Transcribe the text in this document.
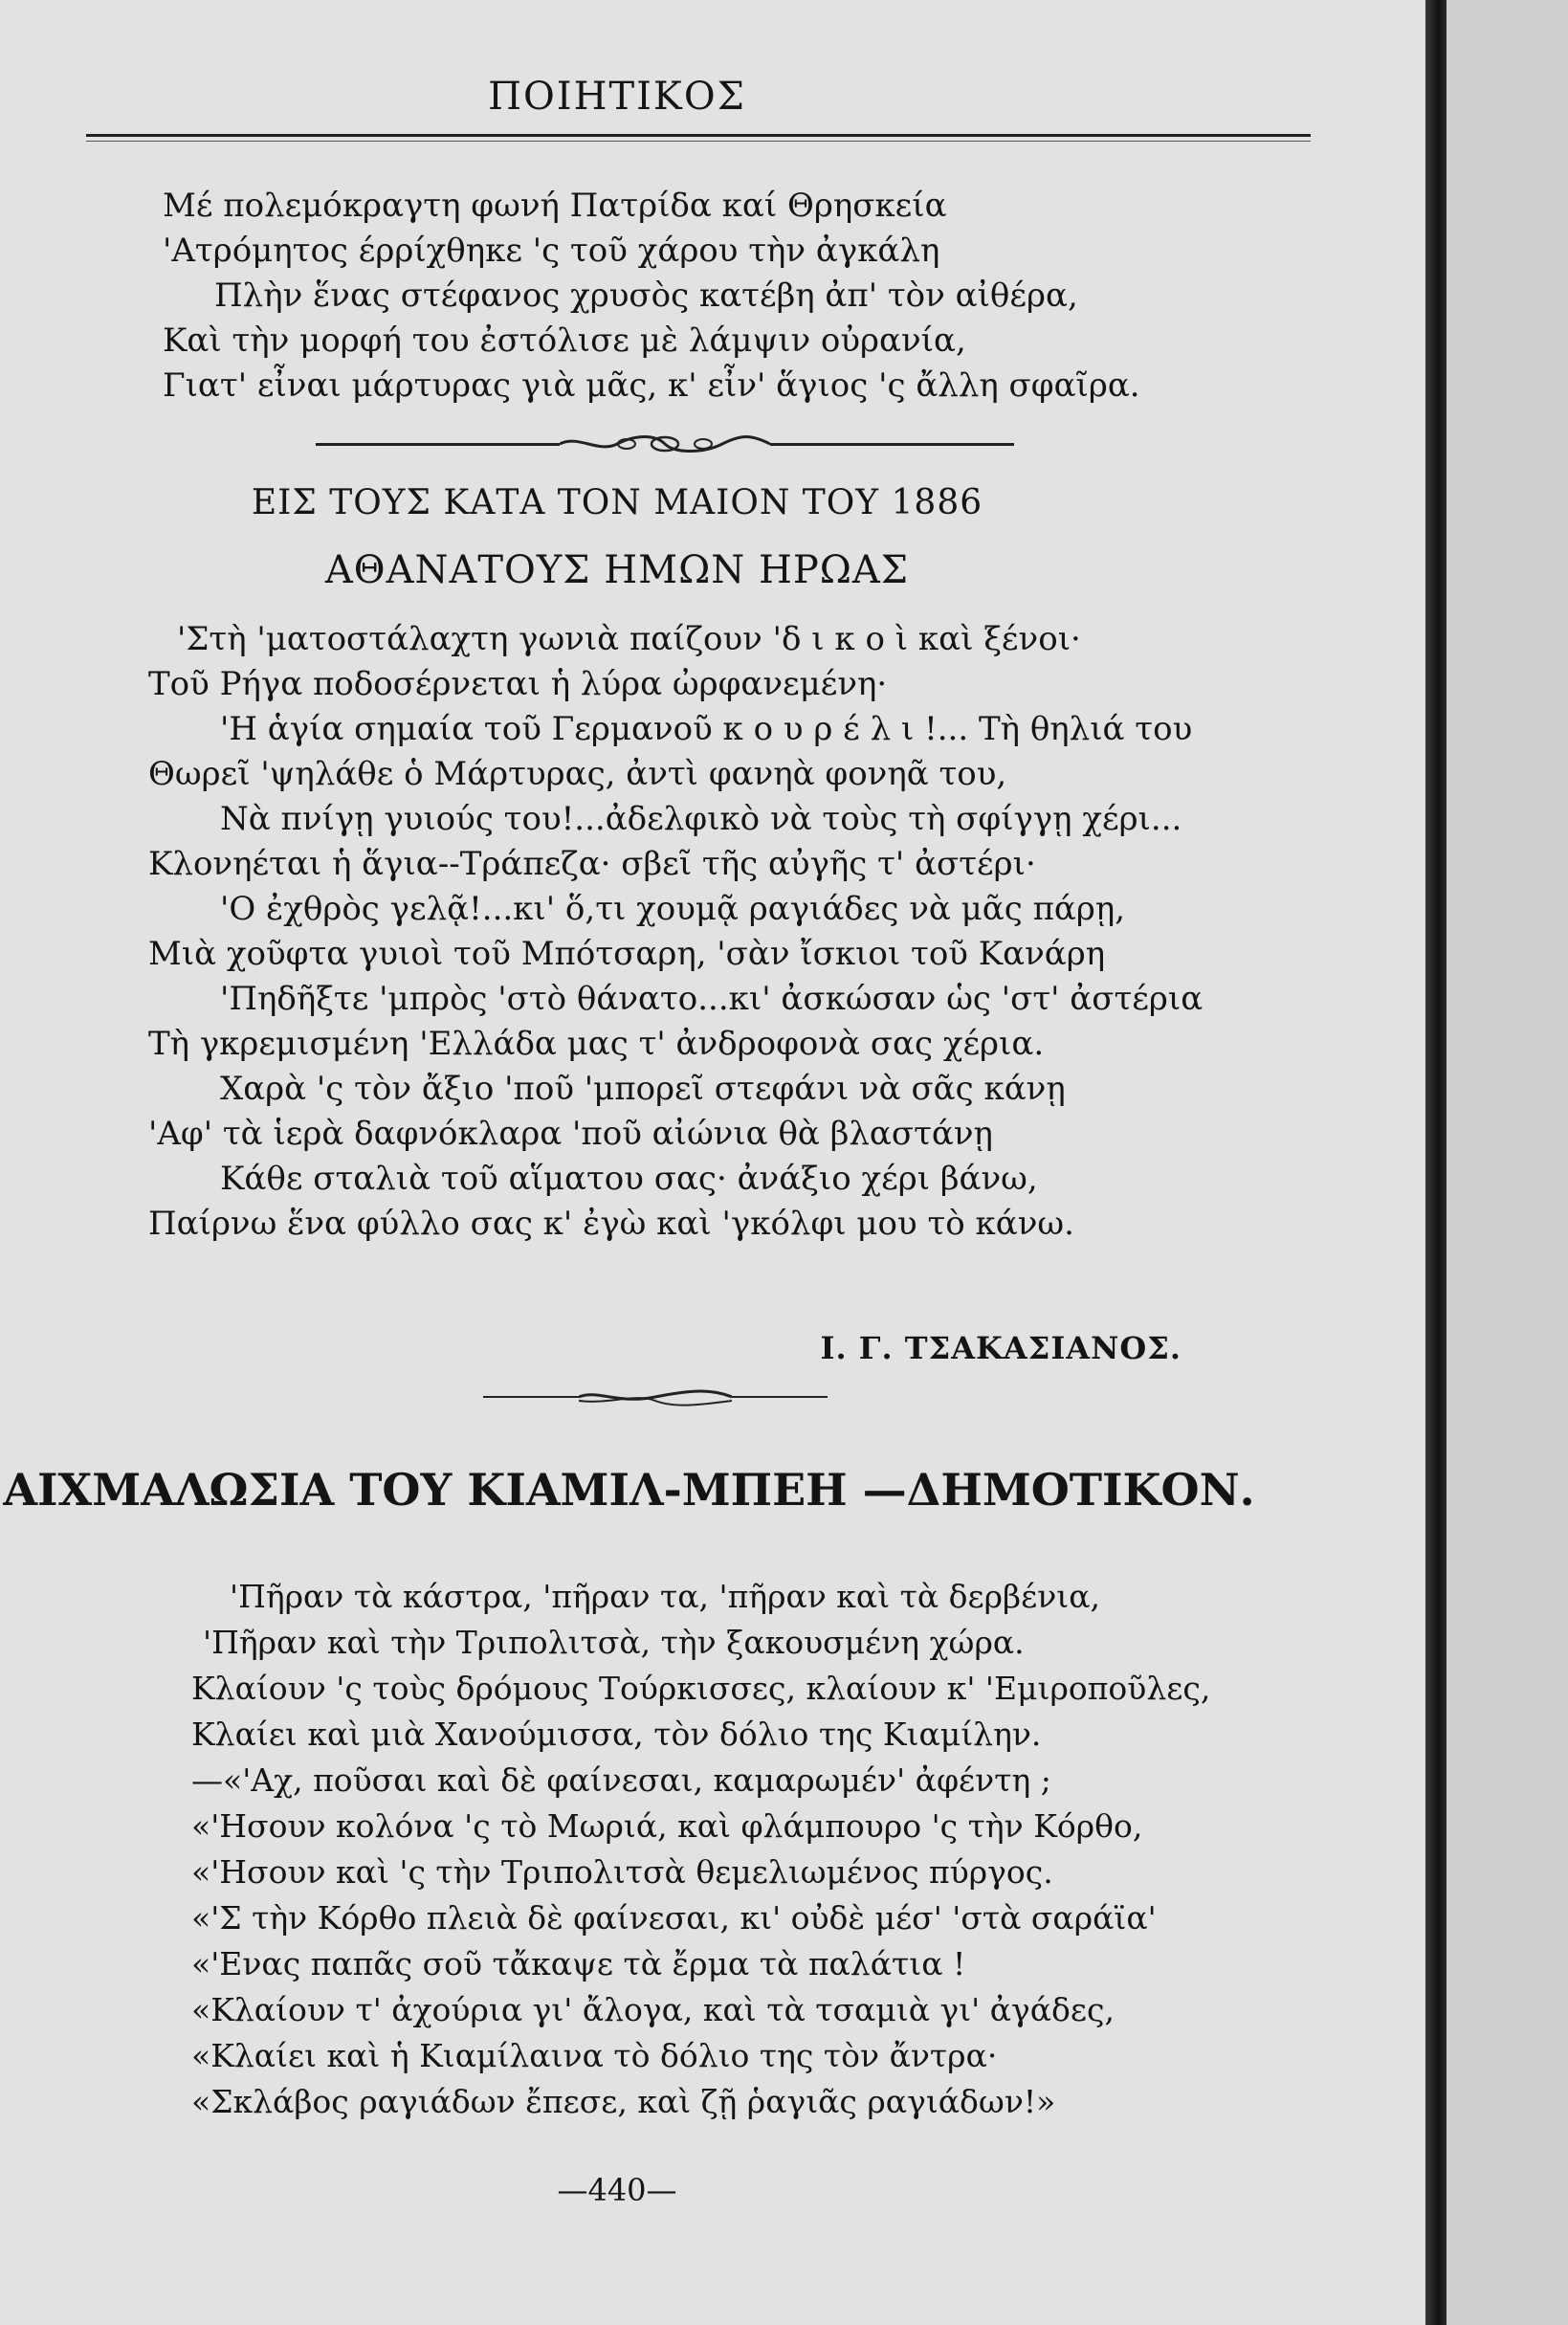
ΠΟΙΗΤΙΚΟΣ
Μέ πολεμόκραγτη φωνή Πατρίδα καί Θρησκεία
'Ατρόμητος έρρίχθηκε 'ς τοῦ χάρου τὴν ἀγκάλη
Πλὴν ἕνας στέφανος χρυσὸς κατέβη ἀπ' τὸν αἰθέρα,
Καὶ τὴν μορφή του ἐστόλισε μὲ λάμψιν οὐρανία,
Γιατ' εἶναι μάρτυρας γιὰ μᾶς, κ' εἶν' ἅγιος 'ς ἄλλη σφαῖρα.
ΕΙΣ ΤΟΥΣ ΚΑΤΑ ΤΟΝ ΜΑΙΟΝ ΤΟΥ 1886
ΑΘΑΝΑΤΟΥΣ ΗΜΩΝ ΗΡΩΑΣ
'Στὴ 'ματοστάλαχτη γωνιὰ παίζουν 'δ ι κ ο ὶ καὶ ξένοι·
Τοῦ Ρήγα ποδοσέρνεται ἡ λύρα ὠρφανεμένη·
'Η ἁγία σημαία τοῦ Γερμανοῦ κ ο υ ρ έ λ ι !... Τὴ θηλιά του
Θωρεῖ 'ψηλάθε ὁ Μάρτυρας, ἀντὶ φανηὰ φονηᾶ του,
Νὰ πνίγῃ γυιούς του!...ἀδελφικὸ νὰ τοὺς τὴ σφίγγῃ χέρι...
Κλονηέται ἡ ἅγια--Τράπεζα· σβεῖ τῆς αὐγῆς τ' ἀστέρι·
'Ο ἐχθρὸς γελᾷ!...κι' ὅ,τι χουμᾷ ραγιάδες νὰ μᾶς πάρῃ,
Μιὰ χοῦφτα γυιοὶ τοῦ Μπότσαρη, 'σὰν ἴσκιοι τοῦ Κανάρη
'Πηδῆξτε 'μπρὸς 'στὸ θάνατο...κι' ἀσκώσαν ὡς 'στ' ἀστέρια
Τὴ γκρεμισμένη 'Ελλάδα μας τ' ἀνδροφονὰ σας χέρια.
Χαρὰ 'ς τὸν ἄξιο 'ποῦ 'μπορεῖ στεφάνι νὰ σᾶς κάνῃ
'Αφ' τὰ ἱερὰ δαφνόκλαρα 'ποῦ αἰώνια θὰ βλαστάνῃ
Κάθε σταλιὰ τοῦ αἵματου σας· ἀνάξιο χέρι βάνω,
Παίρνω ἕνα φύλλο σας κ' ἐγὼ καὶ 'γκόλφι μου τὸ κάνω.
Ι. Γ. ΤΣΑΚΑΣΙΑΝΟΣ.
ΑΙΧΜΑΛΩΣΙΑ ΤΟΥ ΚΙΑΜΙΛ-ΜΠΕΗ —ΔΗΜΟΤΙΚΟΝ.
'Πῆραν τὰ κάστρα, 'πῆραν τα, 'πῆραν καὶ τὰ δερβένια,
'Πῆραν καὶ τὴν Τριπολιτσὰ, τὴν ξακουσμένη χώρα.
Κλαίουν 'ς τοὺς δρόμους Τούρκισσες, κλαίουν κ' 'Εμιροποῦλες,
Κλαίει καὶ μιὰ Χανούμισσα, τὸν δόλιο της Κιαμίλην.
—«'Αχ, ποῦσαι καὶ δὲ φαίνεσαι, καμαρωμέν' ἀφέντη ;
«'Ησουν κολόνα 'ς τὸ Μωριά, καὶ φλάμπουρο 'ς τὴν Κόρθο,
«'Ησουν καὶ 'ς τὴν Τριπολιτσὰ θεμελιωμένος πύργος.
«'Σ τὴν Κόρθο πλειὰ δὲ φαίνεσαι, κι' οὐδὲ μέσ' 'στὰ σαράϊα'
«'Ενας παπᾶς σοῦ τἄκαψε τὰ ἔρμα τὰ παλάτια !
«Κλαίουν τ' ἀχούρια γι' ἄλογα, καὶ τὰ τσαμιὰ γι' ἀγάδες,
«Κλαίει καὶ ἡ Κιαμίλαινα τὸ δόλιο της τὸν ἄντρα·
«Σκλάβος ραγιάδων ἔπεσε, καὶ ζῇ ῥαγιᾶς ραγιάδων!»
—440—
